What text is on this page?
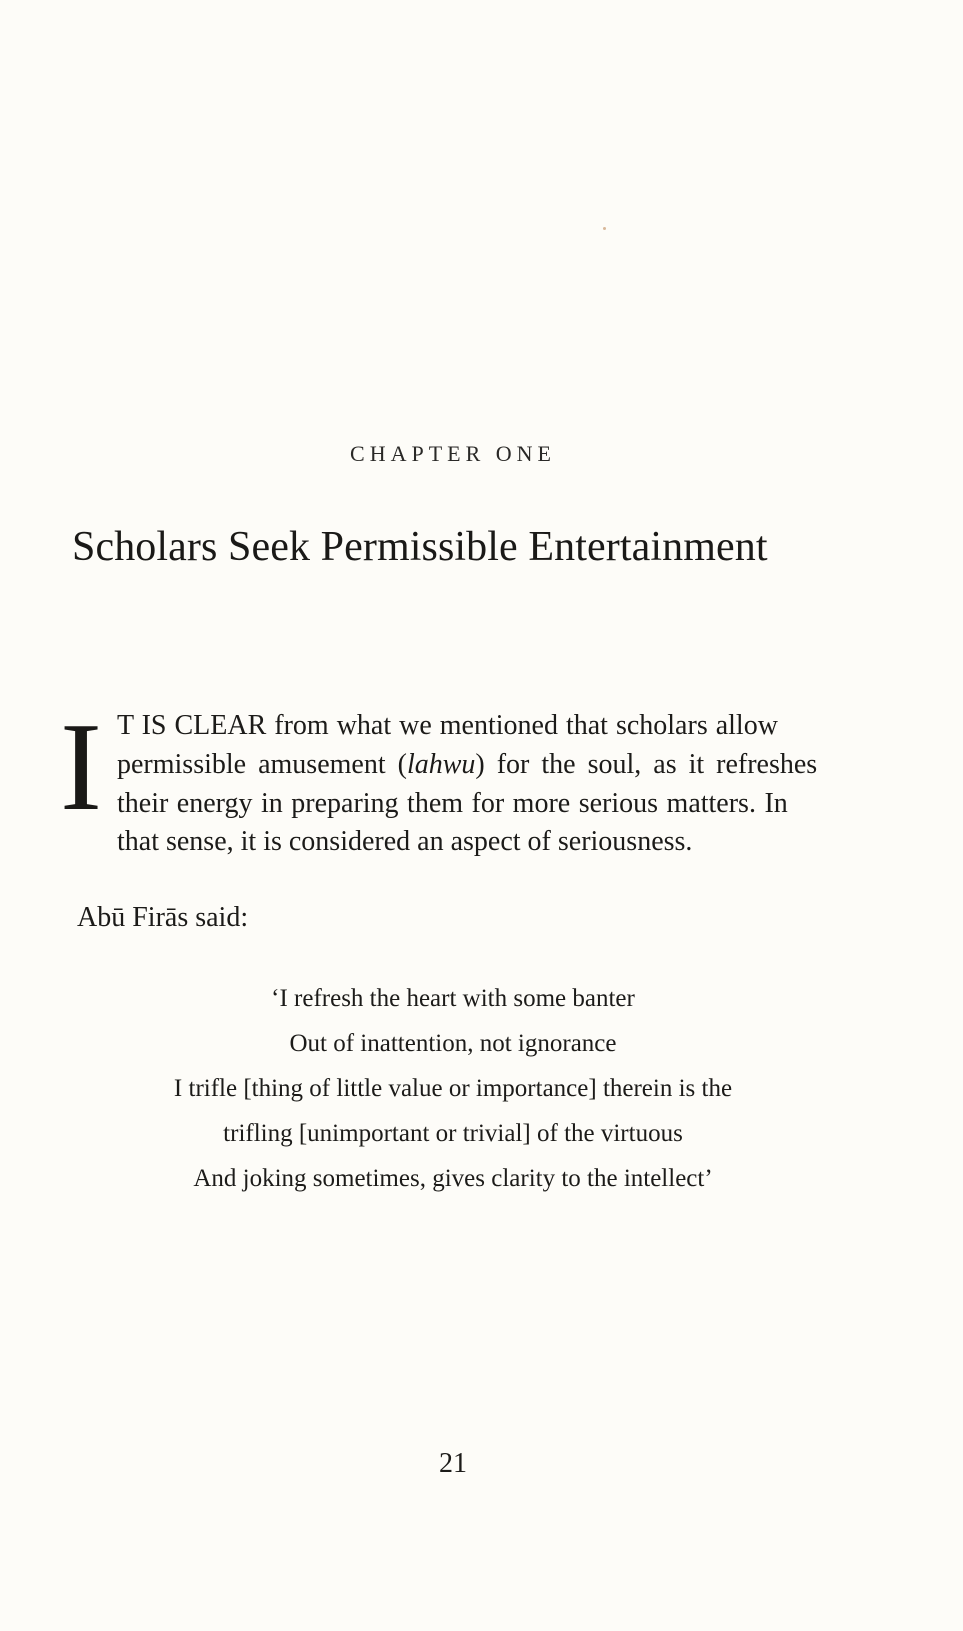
CHAPTER ONE
Scholars Seek Permissible Entertainment
I T IS CLEAR from what we mentioned that scholars allow
permissible amusement (lahwu) for the soul, as it refreshes
their energy in preparing them for more serious matters. In
that sense, it is considered an aspect of seriousness.
Abū Firās said:
‘I refresh the heart with some banter
Out of inattention, not ignorance
I trifle [thing of little value or importance] therein is the
trifling [unimportant or trivial] of the virtuous
And joking sometimes, gives clarity to the intellect’
21
